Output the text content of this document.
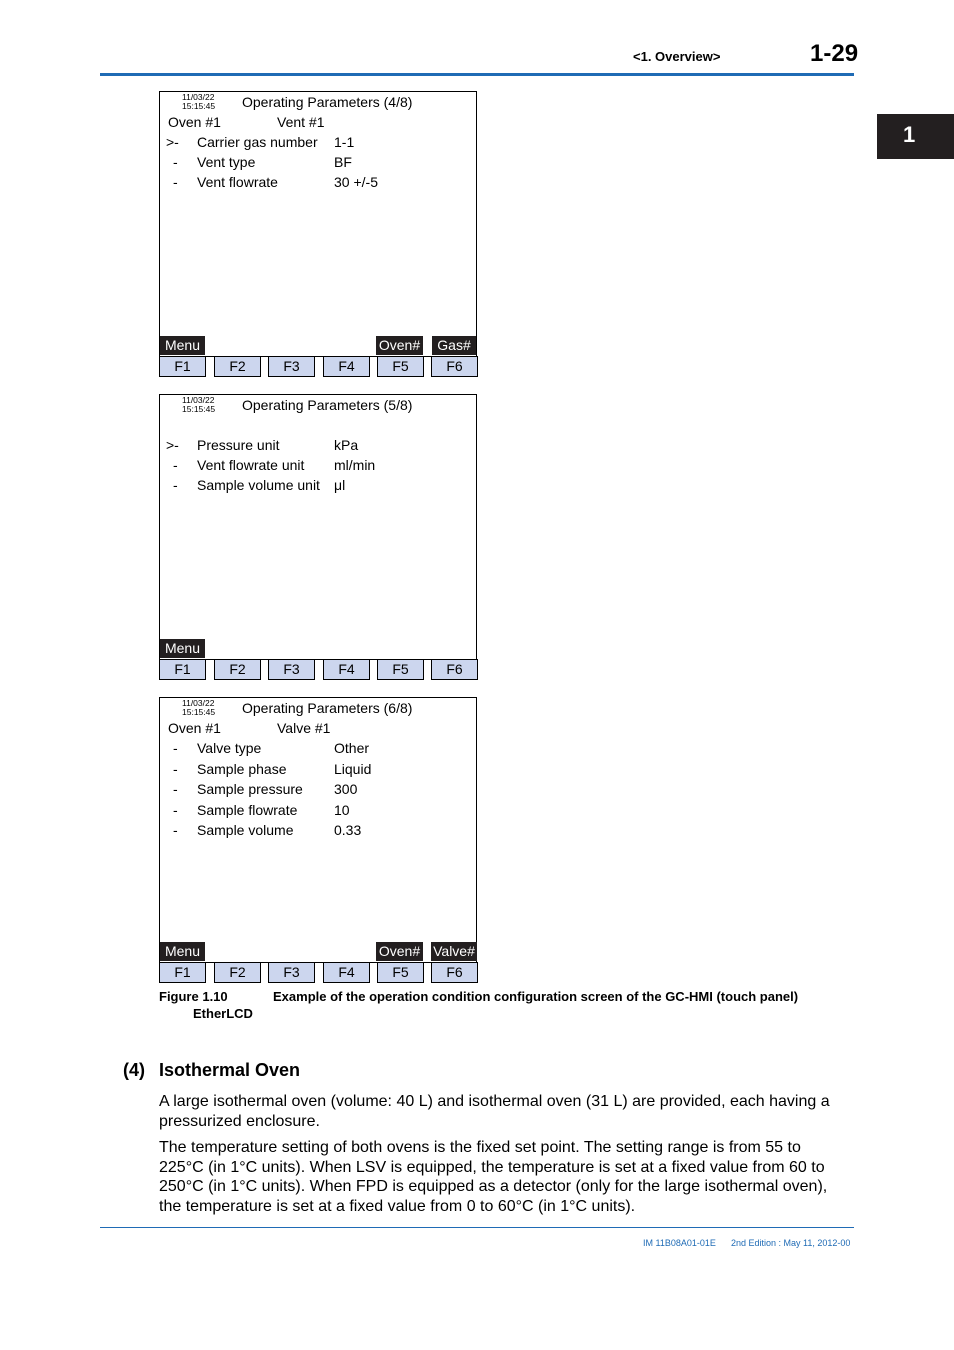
<1. Overview>	1-29
1
11/03/22
15:15:45 Operating Parameters (4/8)
Oven #1	Vent #1
>- Carrier gas number 1-1
- Vent type	BF
- Vent flowrate	30 +/-5
Menu	Oven#	Gas#
F1	F2	F3	F4	F5	F6
11/03/22
15:15:45 Operating Parameters (5/8)
>- Pressure unit	kPa
- Vent flowrate unit ml/min
- Sample volume unit μl
Menu
F1	F2	F3	F4	F5	F6
11/03/22
15:15:45 Operating Parameters (6/8)
Oven #1	Valve #1
- Valve type	Other
- Sample phase	Liquid
- Sample pressure 300
- Sample flowrate	10
- Sample volume	0.33
Menu	Oven# Valve#
F1	F2	F3	F4	F5	F6
Figure 1.10	Example of the operation condition configuration screen of the GC-HMI (touch panel)
EtherLCD
(4) Isothermal Oven
A large isothermal oven (volume: 40 L) and isothermal oven (31 L) are provided, each having a pressurized enclosure.
The temperature setting of both ovens is the fixed set point. The setting range is from 55 to 225°C (in 1°C units). When LSV is equipped, the temperature is set at a fixed value from 60 to 250°C (in 1°C units). When FPD is equipped as a detector (only for the large isothermal oven), the temperature is set at a fixed value from 0 to 60°C (in 1°C units).
IM 11B08A01-01E 2nd Edition : May 11, 2012-00
